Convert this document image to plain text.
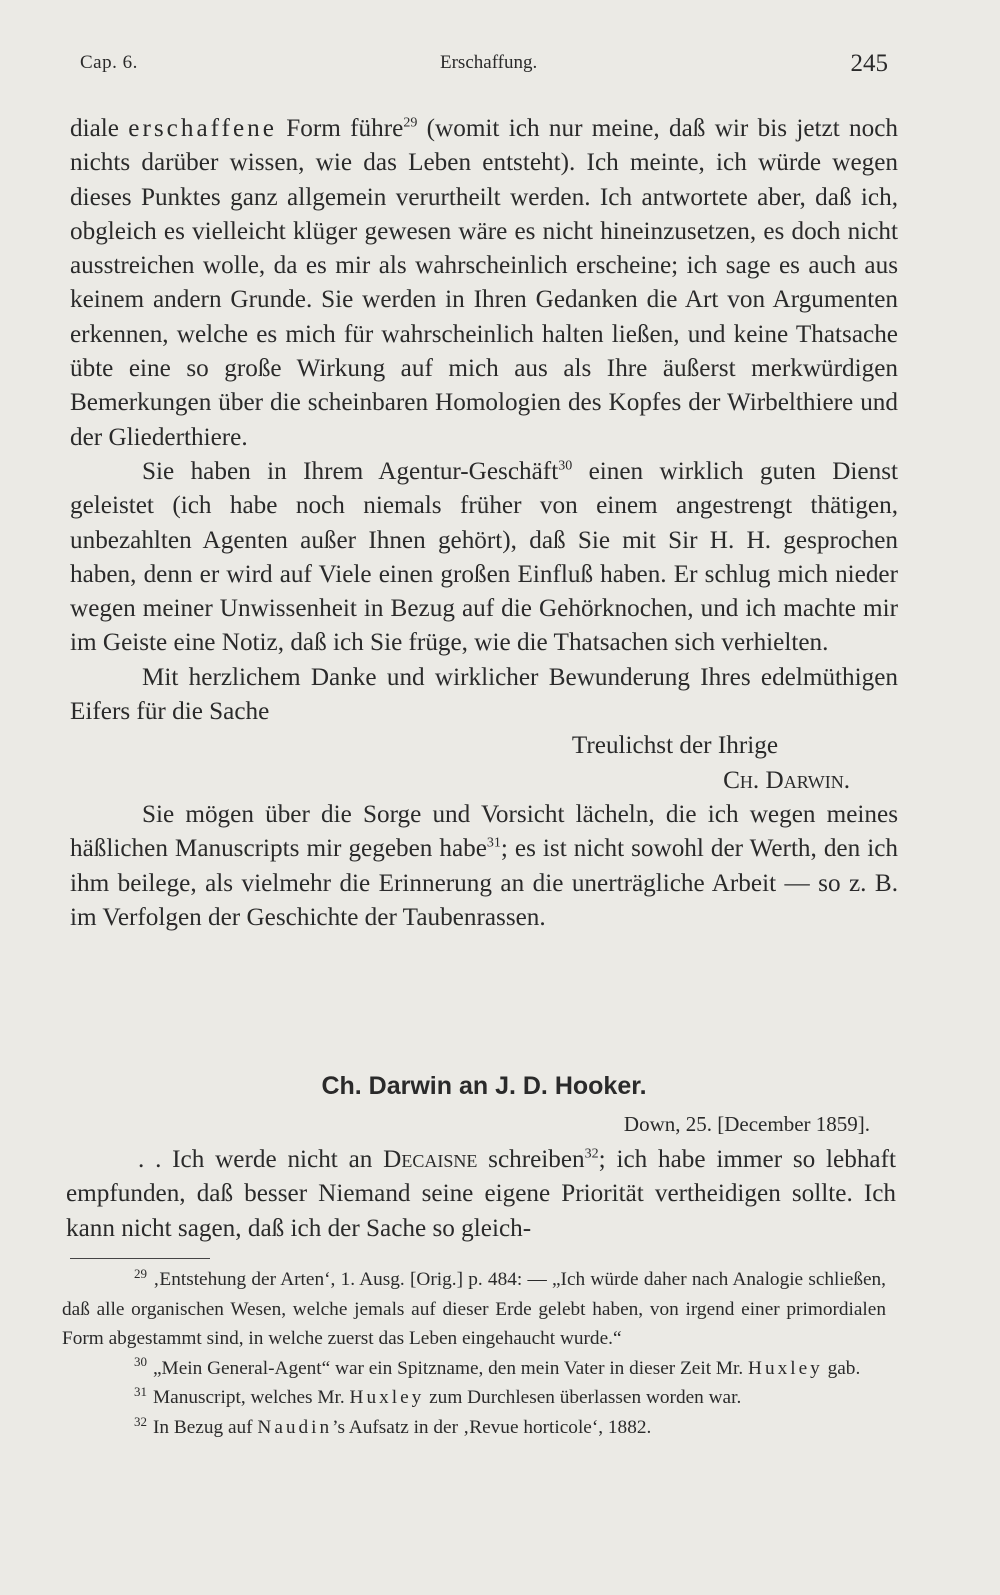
Cap. 6.	Erschaffung.	245

diale erschaffene Form führe$^{29}$ (womit ich nur meine, daß wir bis jetzt noch nichts darüber wissen, wie das Leben entsteht). Ich meinte, ich würde wegen dieses Punktes ganz allgemein verurtheilt werden. Ich antwortete aber, daß ich, obgleich es vielleicht klüger gewesen wäre es nicht hineinzusetzen, es doch nicht ausstreichen wolle, da es mir als wahrscheinlich erscheine; ich sage es auch aus keinem andern Grunde. Sie werden in Ihren Gedanken die Art von Argumenten erkennen, welche es mich für wahrscheinlich halten ließen, und keine Thatsache übte eine so große Wirkung auf mich aus als Ihre äußerst merkwürdigen Bemerkungen über die scheinbaren Homologien des Kopfes der Wirbelthiere und der Gliederthiere.

Sie haben in Ihrem Agentur-Geschäft$^{30}$ einen wirklich guten Dienst geleistet (ich habe noch niemals früher von einem angestrengt thätigen, unbezahlten Agenten außer Ihnen gehört), daß Sie mit Sir H. H. gesprochen haben, denn er wird auf Viele einen großen Einfluß haben. Er schlug mich nieder wegen meiner Unwissenheit in Bezug auf die Gehörknochen, und ich machte mir im Geiste eine Notiz, daß ich Sie früge, wie die Thatsachen sich verhielten.

Mit herzlichem Danke und wirklicher Bewunderung Ihres edelmüthigen Eifers für die Sache

Treulichst der Ihrige

Ch. Darwin.

Sie mögen über die Sorge und Vorsicht lächeln, die ich wegen meines häßlichen Manuscripts mir gegeben habe$^{31}$; es ist nicht sowohl der Werth, den ich ihm beilege, als vielmehr die Erinnerung an die unerträgliche Arbeit — so z. B. im Verfolgen der Geschichte der Taubenrassen.

Ch. Darwin an J. D. Hooker.
Down, 25. [December 1859].

. . Ich werde nicht an Decaisne schreiben$^{32}$; ich habe immer so lebhaft empfunden, daß besser Niemand seine eigene Priorität vertheidigen sollte. Ich kann nicht sagen, daß ich der Sache so gleich-

$^{29}$ ‚Entstehung der Arten‘, 1. Ausg. [Orig.] p. 484: — „Ich würde daher nach Analogie schließen, daß alle organischen Wesen, welche jemals auf dieser Erde gelebt haben, von irgend einer primordialen Form abgestammt sind, in welche zuerst das Leben eingehaucht wurde.“

$^{30}$ „Mein General-Agent“ war ein Spitzname, den mein Vater in dieser Zeit Mr. Huxley gab.

$^{31}$ Manuscript, welches Mr. Huxley zum Durchlesen überlassen worden war.

$^{32}$ In Bezug auf Naudin’s Aufsatz in der ‚Revue horticole‘, 1882.
